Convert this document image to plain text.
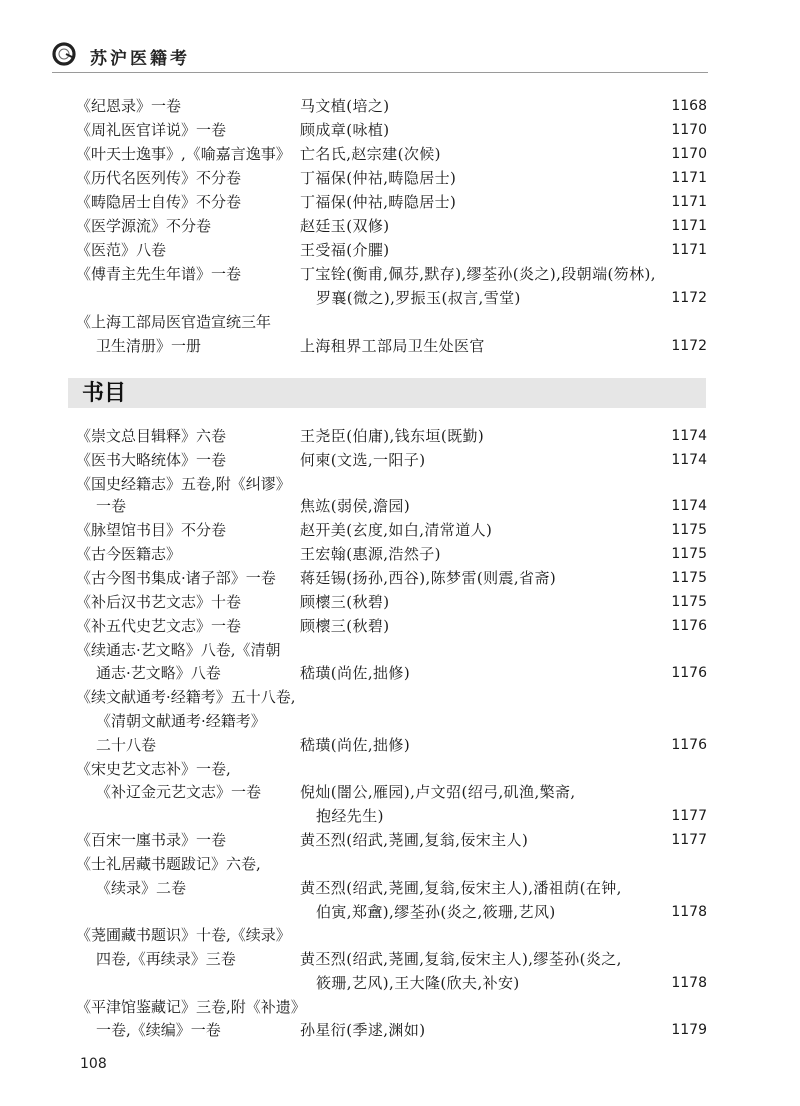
苏沪医籍考
《纪恩录》一卷	马文植(培之)	1168
《周礼医官详说》一卷	顾成章(咏植)	1170
《叶天士逸事》,《喻嘉言逸事》 亡名氏,赵宗建(次候)	1170
《历代名医列传》不分卷	丁福保(仲祜,畴隐居士)	1171
《畴隐居士自传》不分卷	丁福保(仲祜,畴隐居士)	1171
《医学源流》不分卷	赵廷玉(双修)	1171
《医范》八卷	王受福(介臞)	1171
《傅青主先生年谱》一卷	丁宝铨(衡甫,佩芬,默存),缪荃孙(炎之),段朝端(笏林),
罗襄(微之),罗振玉(叔言,雪堂)	1172
《上海工部局医官造宣统三年
卫生清册》一册	上海租界工部局卫生处医官	1172
书目
《崇文总目辑释》六卷	王尧臣(伯庸),钱东垣(既勤)	1174
《医书大略统体》一卷	何柬(文选,一阳子)	1174
《国史经籍志》五卷,附《纠谬》
一卷	焦竑(弱侯,澹园)	1174
《脉望馆书目》不分卷	赵开美(玄度,如白,清常道人)	1175
《古今医籍志》	王宏翰(惠源,浩然子)	1175
《古今图书集成·诸子部》一卷 蒋廷锡(扬孙,西谷),陈梦雷(则震,省斋)	1175
《补后汉书艺文志》十卷	顾櫰三(秋碧)	1175
《补五代史艺文志》一卷	顾櫰三(秋碧)	1176
《续通志·艺文略》八卷,《清朝
通志·艺文略》八卷	嵇璜(尚佐,拙修)	1176
《续文献通考·经籍考》五十八卷,
《清朝文献通考·经籍考》
二十八卷	嵇璜(尚佐,拙修)	1176
《宋史艺文志补》一卷,
《补辽金元艺文志》一卷	倪灿(闇公,雁园),卢文弨(绍弓,矶渔,檠斋,
抱经先生)	1177
《百宋一廛书录》一卷	黄丕烈(绍武,荛圃,复翁,佞宋主人)	1177
《士礼居藏书题跋记》六卷,
《续录》二卷	黄丕烈(绍武,荛圃,复翁,佞宋主人),潘祖荫(在钟,
伯寅,郑盦),缪荃孙(炎之,筱珊,艺风)	1178
《荛圃藏书题识》十卷,《续录》
四卷,《再续录》三卷	黄丕烈(绍武,荛圃,复翁,佞宋主人),缪荃孙(炎之,
筱珊,艺风),王大隆(欣夫,补安)	1178
《平津馆鉴藏记》三卷,附《补遗》
一卷,《续编》一卷	孙星衍(季逑,渊如)	1179
108
